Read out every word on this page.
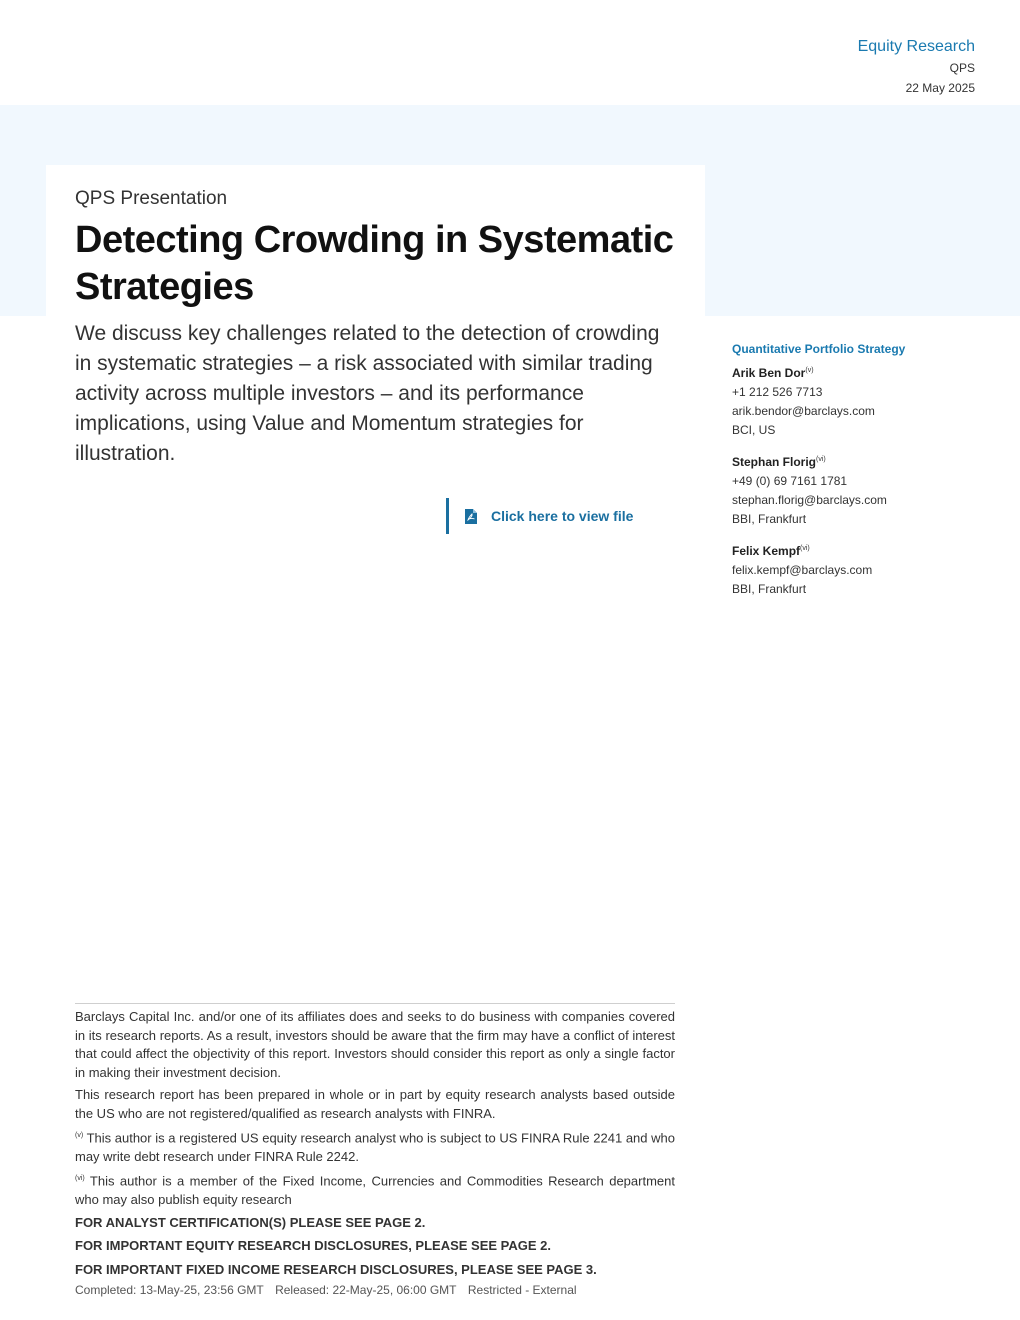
Equity Research
QPS
22 May 2025
QPS Presentation
Detecting Crowding in Systematic Strategies

We discuss key challenges related to the detection of crowding in systematic strategies – a risk associated with similar trading activity across multiple investors – and its performance implications, using Value and Momentum strategies for illustration.

Click here to view file
Quantitative Portfolio Strategy
Arik Ben Dor$^{(v)}$
+1 212 526 7713
arik.bendor@barclays.com
BCI, US
Stephan Florig$^{(vi)}$
+49 (0) 69 7161 1781
stephan.florig@barclays.com
BBI, Frankfurt
Felix Kempf$^{(vi)}$
felix.kempf@barclays.com
BBI, Frankfurt

Barclays Capital Inc. and/or one of its affiliates does and seeks to do business with companies covered in its research reports. As a result, investors should be aware that the firm may have a conflict of interest that could affect the objectivity of this report. Investors should consider this report as only a single factor in making their investment decision.

This research report has been prepared in whole or in part by equity research analysts based outside the US who are not registered/qualified as research analysts with FINRA.

$^{(v)}$ This author is a registered US equity research analyst who is subject to US FINRA Rule 2241 and who may write debt research under FINRA Rule 2242.

$^{(vi)}$ This author is a member of the Fixed Income, Currencies and Commodities Research department who may also publish equity research

FOR ANALYST CERTIFICATION(S) PLEASE SEE PAGE 2.

FOR IMPORTANT EQUITY RESEARCH DISCLOSURES, PLEASE SEE PAGE 2.

FOR IMPORTANT FIXED INCOME RESEARCH DISCLOSURES, PLEASE SEE PAGE 3.

Completed: 13-May-25, 23:56 GMT Released: 22-May-25, 06:00 GMT Restricted - External
